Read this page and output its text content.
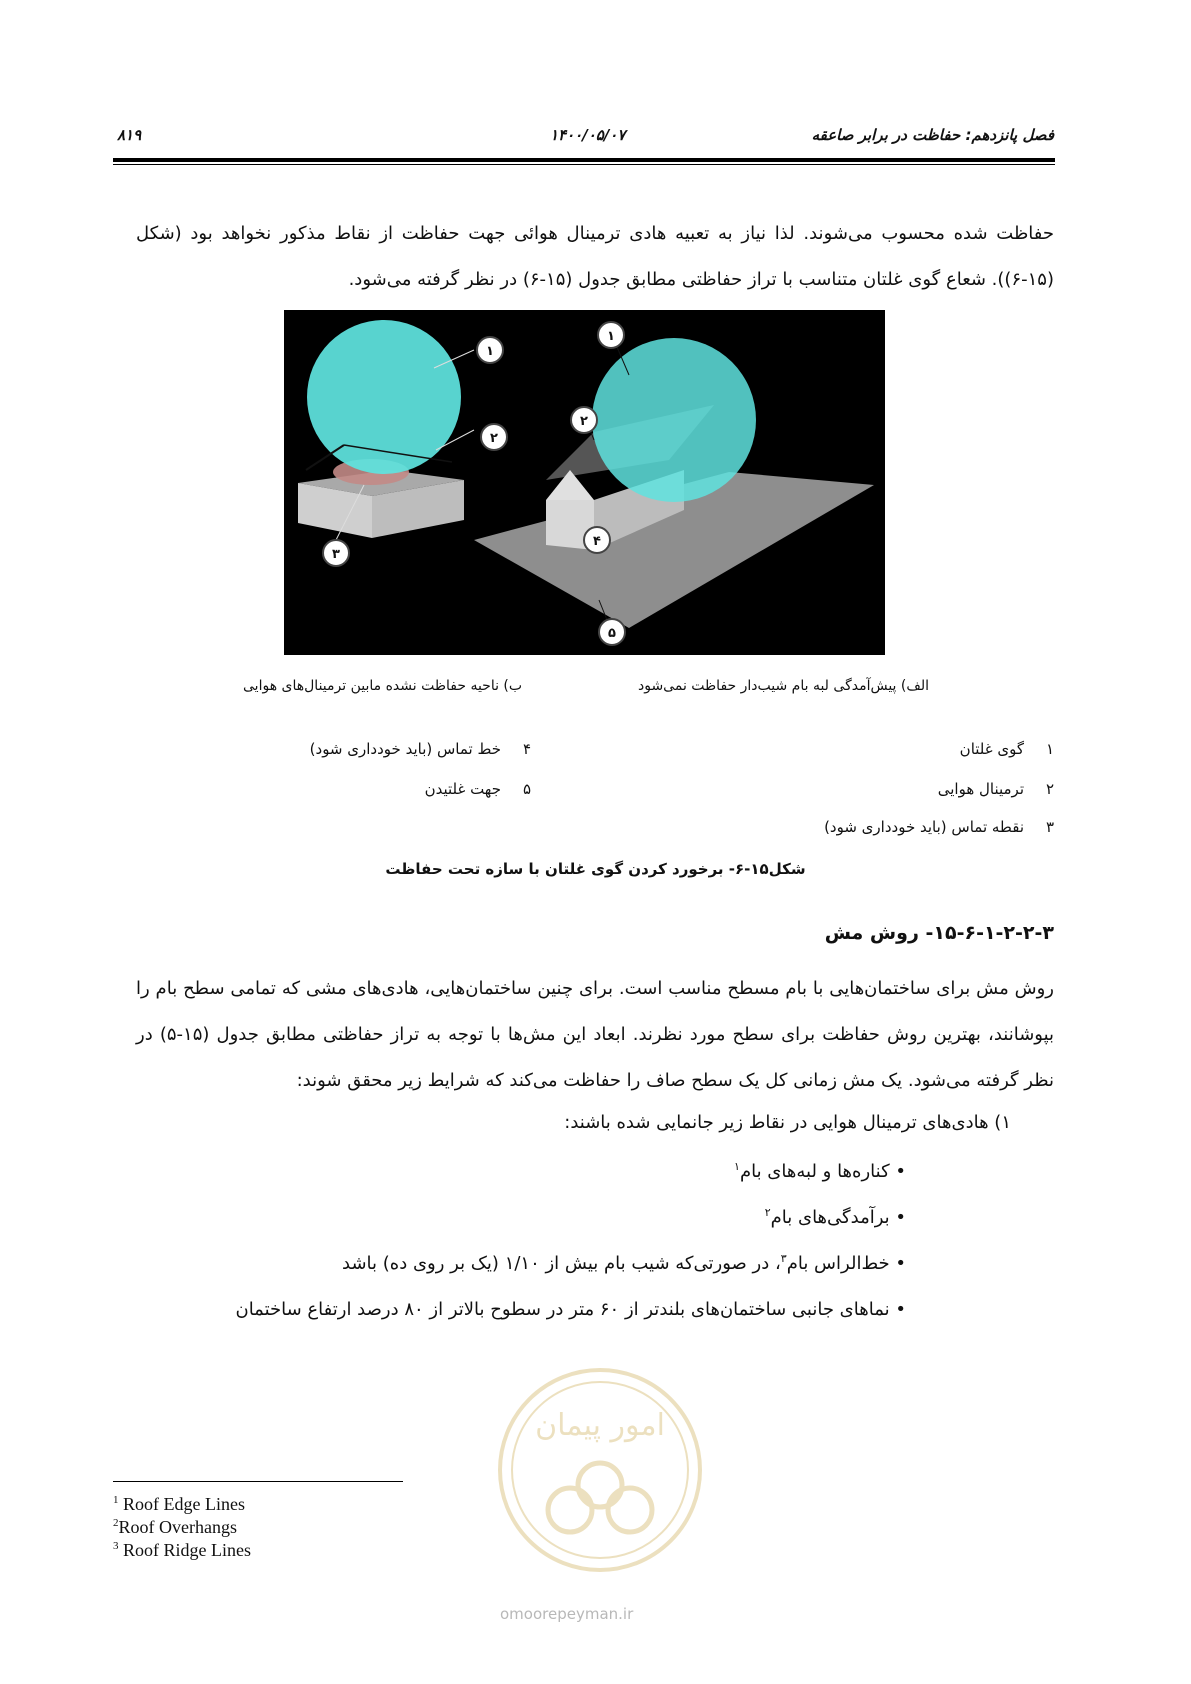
فصل پانزدهم: حفاظت در برابر صاعقه
۱۴۰۰/۰۵/۰۷
۸۱۹
حفاظت شده محسوب می‌شوند. لذا نیاز به تعبیه هادی ترمینال هوائی جهت حفاظت از نقاط مذکور نخواهد بود (شکل (۱۵-۶)). شعاع گوی غلتان متناسب با تراز حفاظتی مطابق جدول (۱۵-۶) در نظر گرفته می‌شود.
۱
۲
۳
۱
۲
۴
۵
الف) پیش‌آمدگی لبه بام شیب‌دار حفاظت نمی‌شود
ب) ناحیه حفاظت نشده مابین ترمینال‌های هوایی
۱گوی غلتان
۲ترمینال هوایی
۳نقطه تماس (باید خودداری شود)
۴خط تماس (باید خودداری شود)
۵جهت غلتیدن
شکل۱۵-۶- برخورد کردن گوی غلتان با سازه تحت حفاظت
۱۵-۶-۱-۲-۲-۳- روش مش
روش مش برای ساختمان‌هایی با بام مسطح مناسب است. برای چنین ساختمان‌هایی، هادی‌های مشی که تمامی سطح بام را بپوشانند، بهترین روش حفاظت برای سطح مورد نظرند. ابعاد این مش‌ها با توجه به تراز حفاظتی مطابق جدول (۱۵-۵) در نظر گرفته می‌شود. یک مش زمانی کل یک سطح صاف را حفاظت می‌کند که شرایط زیر محقق شوند:
۱) هادی‌های ترمینال هوایی در نقاط زیر جانمایی شده باشند:
• کناره‌ها و لبه‌های بام$^۱$
• برآمدگی‌های بام$^۲$
• خط‌الراس بام$^۳$، در صورتی‌که شیب بام بیش از ۱/۱۰ (یک بر روی ده) باشد
• نماهای جانبی ساختمان‌های بلندتر از ۶۰ متر در سطوح بالاتر از ۸۰ درصد ارتفاع ساختمان
امور پیمان
omoorepeyman.ir
$^1$ Roof Edge Lines
$^2$Roof Overhangs
$^3$ Roof Ridge Lines
